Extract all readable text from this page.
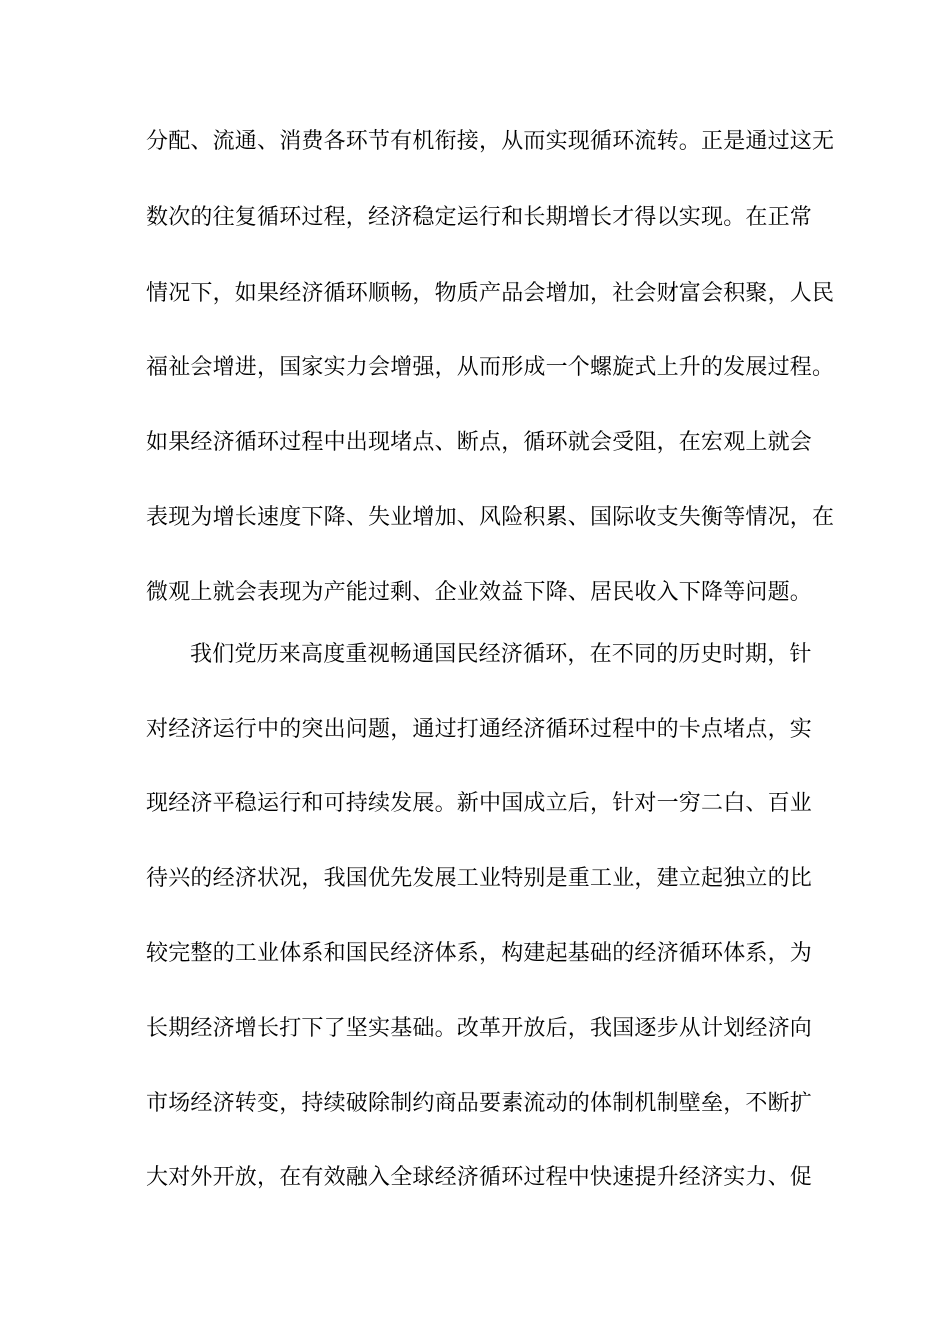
分配、流通、消费各环节有机衔接，从而实现循环流转。正是通过这无
数次的往复循环过程，经济稳定运行和长期增长才得以实现。在正常
情况下，如果经济循环顺畅，物质产品会增加，社会财富会积聚，人民
福祉会增进，国家实力会增强，从而形成一个螺旋式上升的发展过程。
如果经济循环过程中出现堵点、断点，循环就会受阻，在宏观上就会
表现为增长速度下降、失业增加、风险积累、国际收支失衡等情况，在
微观上就会表现为产能过剩、企业效益下降、居民收入下降等问题。
我们党历来高度重视畅通国民经济循环，在不同的历史时期，针
对经济运行中的突出问题，通过打通经济循环过程中的卡点堵点，实
现经济平稳运行和可持续发展。新中国成立后，针对一穷二白、百业
待兴的经济状况，我国优先发展工业特别是重工业，建立起独立的比
较完整的工业体系和国民经济体系，构建起基础的经济循环体系，为
长期经济增长打下了坚实基础。改革开放后，我国逐步从计划经济向
市场经济转变，持续破除制约商品要素流动的体制机制壁垒，不断扩
大对外开放，在有效融入全球经济循环过程中快速提升经济实力、促
